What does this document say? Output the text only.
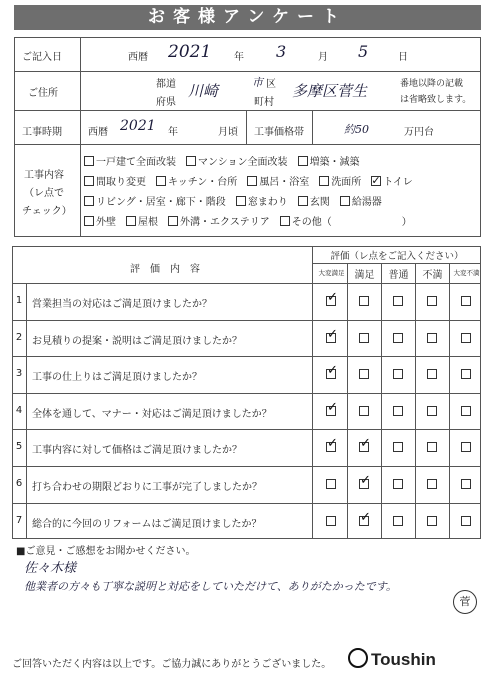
お客様アンケート
ご記入日	西暦 2021 年 3	月 5	日
ご住所
都道
府県
川崎	市 区
町村
多摩区菅生	番地以降の記載
は省略致します。
工事時期	西暦 2021 年	月頃 工事価格帯	約50	万円台
工事内容
（レ点で
チェック）
一戸建て全面改装 マンション全面改装 増築・減築
間取り変更 キッチン・台所 風呂・浴室 洗面所✓ トイレ
リビング・居室・廊下・階段 窓まわり 玄関 給湯器
外壁 屋根 外溝・エクステリア その他（　　　　　　　）
評　価　内　容
評価（レ点をご記入ください）
大変満足	満足	普通	不満	大変不満
1 営業担当の対応はご満足頂けましたか？
✓
2 お見積りの提案・説明はご満足頂けましたか？
✓
3 工事の仕上りはご満足頂けましたか？
✓
4 全体を通して、マナー・対応はご満足頂けましたか？
✓
5 工事内容に対して価格はご満足頂けましたか？
✓
✓
6 打ち合わせの期限どおりに工事が完了しましたか？
✓
7 総合的に今回のリフォームはご満足頂けましたか？
✓
■ご意見・ご感想をお聞かせください。
佐々木様
他業者の方々も丁寧な説明と対応をしていただけて、ありがたかったです。
菅
ご回答いただく内容は以上です。ご協力誠にありがとうございました。	Toushin
